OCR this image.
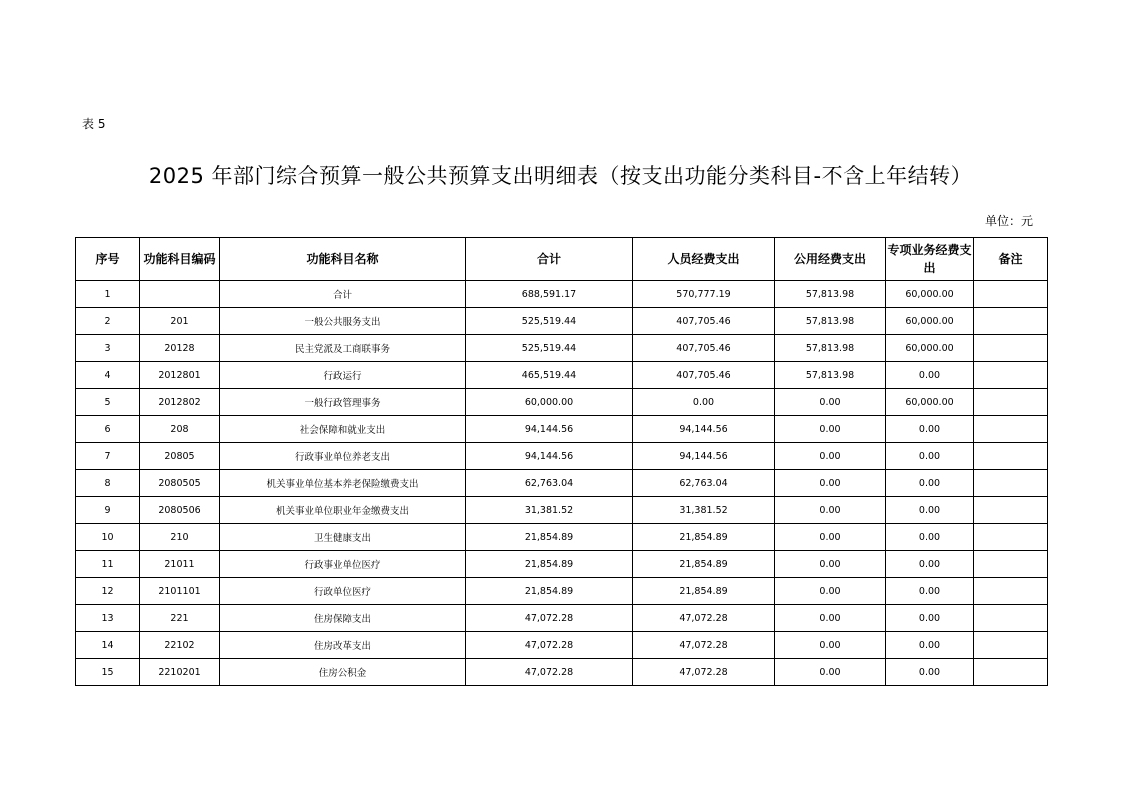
表 5
2025 年部门综合预算一般公共预算支出明细表（按支出功能分类科目-不含上年结转）
单位：元
序号	功能科目编码	功能科目名称	合计	人员经费支出	公用经费支出	专项业务经费支出	备注
1		合计	688,591.17	570,777.19	57,813.98	60,000.00	
2	201	一般公共服务支出	525,519.44	407,705.46	57,813.98	60,000.00	
3	20128	民主党派及工商联事务	525,519.44	407,705.46	57,813.98	60,000.00	
4	2012801	行政运行	465,519.44	407,705.46	57,813.98	0.00	
5	2012802	一般行政管理事务	60,000.00	0.00	0.00	60,000.00	
6	208	社会保障和就业支出	94,144.56	94,144.56	0.00	0.00	
7	20805	行政事业单位养老支出	94,144.56	94,144.56	0.00	0.00	
8	2080505	机关事业单位基本养老保险缴费支出	62,763.04	62,763.04	0.00	0.00	
9	2080506	机关事业单位职业年金缴费支出	31,381.52	31,381.52	0.00	0.00	
10	210	卫生健康支出	21,854.89	21,854.89	0.00	0.00	
11	21011	行政事业单位医疗	21,854.89	21,854.89	0.00	0.00	
12	2101101	行政单位医疗	21,854.89	21,854.89	0.00	0.00	
13	221	住房保障支出	47,072.28	47,072.28	0.00	0.00	
14	22102	住房改革支出	47,072.28	47,072.28	0.00	0.00	
15	2210201	住房公积金	47,072.28	47,072.28	0.00	0.00	
